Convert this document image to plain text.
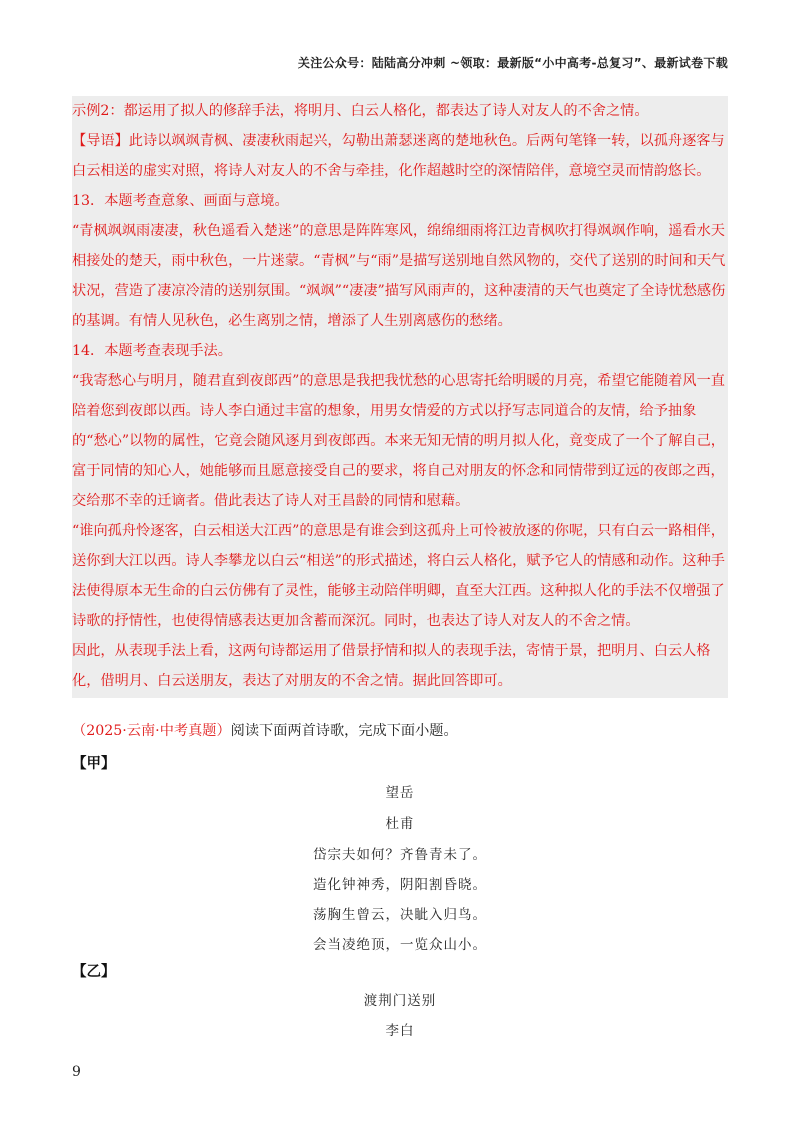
关注公众号：陆陆高分冲刺 ~领取：最新版“小中高考-总复习”、最新试卷下载

示例2：都运用了拟人的修辞手法，将明月、白云人格化，都表达了诗人对友人的不舍之情。

【导语】此诗以飒飒青枫、凄凄秋雨起兴，勾勒出萧瑟迷离的楚地秋色。后两句笔锋一转，以孤舟逐客与白云相送的虚实对照，将诗人对友人的不舍与牵挂，化作超越时空的深情陪伴，意境空灵而情韵悠长。

13．本题考查意象、画面与意境。

“青枫飒飒雨凄凄，秋色遥看入楚迷”的意思是阵阵寒风，绵绵细雨将江边青枫吹打得飒飒作响，遥看水天相接处的楚天，雨中秋色，一片迷蒙。“青枫”与“雨”是描写送别地自然风物的，交代了送别的时间和天气状况，营造了凄凉冷清的送别氛围。“飒飒”“凄凄”描写风雨声的，这种凄清的天气也奠定了全诗忧愁感伤的基调。有情人见秋色，必生离别之情，增添了人生别离感伤的愁绪。

14．本题考查表现手法。

“我寄愁心与明月，随君直到夜郎西”的意思是我把我忧愁的心思寄托给明暖的月亮，希望它能随着风一直陪着您到夜郎以西。诗人李白通过丰富的想象，用男女情爱的方式以抒写志同道合的友情，给予抽象的“愁心”以物的属性，它竟会随风逐月到夜郎西。本来无知无情的明月拟人化，竟变成了一个了解自己，富于同情的知心人，她能够而且愿意接受自己的要求，将自己对朋友的怀念和同情带到辽远的夜郎之西，交给那不幸的迁谪者。借此表达了诗人对王昌龄的同情和慰藉。

“谁向孤舟怜逐客，白云相送大江西”的意思是有谁会到这孤舟上可怜被放逐的你呢，只有白云一路相伴，送你到大江以西。诗人李攀龙以白云“相送”的形式描述，将白云人格化，赋予它人的情感和动作。这种手法使得原本无生命的白云仿佛有了灵性，能够主动陪伴明卿，直至大江西。这种拟人化的手法不仅增强了诗歌的抒情性，也使得情感表达更加含蓄而深沉。同时，也表达了诗人对友人的不舍之情。

因此，从表现手法上看，这两句诗都运用了借景抒情和拟人的表现手法，寄情于景，把明月、白云人格化，借明月、白云送朋友，表达了对朋友的不舍之情。据此回答即可。

（2025·云南·中考真题）阅读下面两首诗歌，完成下面小题。
【甲】
望岳
杜甫
岱宗夫如何？齐鲁青未了。
造化钟神秀，阴阳割昏晓。
荡胸生曾云，决眦入归鸟。
会当凌绝顶，一览众山小。
【乙】
渡荆门送别
李白
9
